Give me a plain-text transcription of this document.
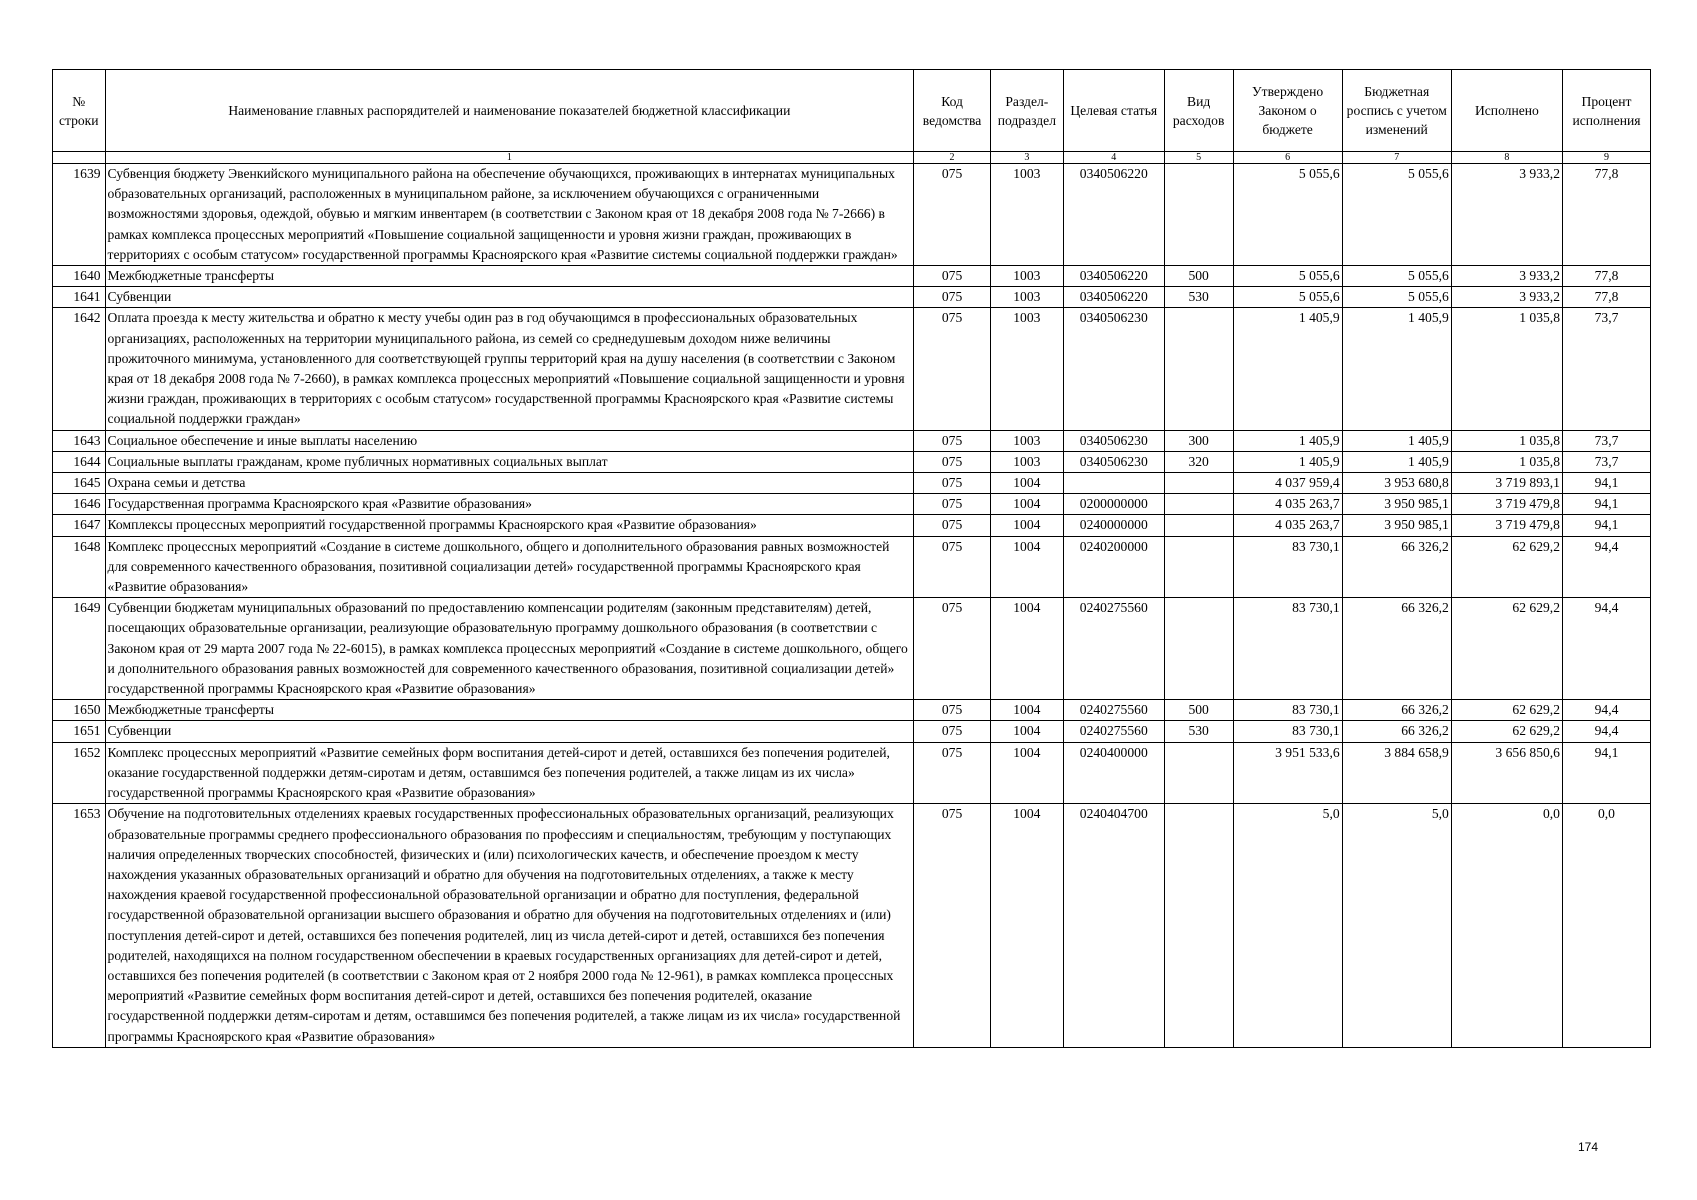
№ строки	Наименование главных распорядителей и наименование показателей бюджетной классификации	Код ведомства	Раздел-подраздел	Целевая статья	Вид расходов	Утверждено Законом о бюджете	Бюджетная роспись с учетом изменений	Исполнено	Процент исполнения
	1	2	3	4	5	6	7	8	9
1639	Субвенция бюджету Эвенкийского муниципального района на обеспечение обучающихся, проживающих в интернатах муниципальных образовательных организаций, расположенных в муниципальном районе, за исключением обучающихся с ограниченными возможностями здоровья, одеждой, обувью и мягким инвентарем (в соответствии с Законом края от 18 декабря 2008 года № 7-2666) в рамках комплекса процессных мероприятий «Повышение социальной защищенности и уровня жизни граждан, проживающих в территориях с особым статусом» государственной программы Красноярского края «Развитие системы социальной поддержки граждан»	075	1003	0340506220		5 055,6	5 055,6	3 933,2	77,8
1640	Межбюджетные трансферты	075	1003	0340506220	500	5 055,6	5 055,6	3 933,2	77,8
1641	Субвенции	075	1003	0340506220	530	5 055,6	5 055,6	3 933,2	77,8
1642	Оплата проезда к месту жительства и обратно к месту учебы один раз в год обучающимся в профессиональных образовательных организациях, расположенных на территории муниципального района, из семей со среднедушевым доходом ниже величины прожиточного минимума, установленного для соответствующей группы территорий края на душу населения (в соответствии с Законом края от 18 декабря 2008 года № 7-2660), в рамках комплекса процессных мероприятий «Повышение социальной защищенности и уровня жизни граждан, проживающих в территориях с особым статусом» государственной программы Красноярского края «Развитие системы социальной поддержки граждан»	075	1003	0340506230		1 405,9	1 405,9	1 035,8	73,7
1643	Социальное обеспечение и иные выплаты населению	075	1003	0340506230	300	1 405,9	1 405,9	1 035,8	73,7
1644	Социальные выплаты гражданам, кроме публичных нормативных социальных выплат	075	1003	0340506230	320	1 405,9	1 405,9	1 035,8	73,7
1645	Охрана семьи и детства	075	1004			4 037 959,4	3 953 680,8	3 719 893,1	94,1
1646	Государственная программа Красноярского края «Развитие образования»	075	1004	0200000000		4 035 263,7	3 950 985,1	3 719 479,8	94,1
1647	Комплексы процессных мероприятий государственной программы Красноярского края «Развитие образования»	075	1004	0240000000		4 035 263,7	3 950 985,1	3 719 479,8	94,1
1648	Комплекс процессных мероприятий «Создание в системе дошкольного, общего и дополнительного образования равных возможностей для современного качественного образования, позитивной социализации детей» государственной программы Красноярского края «Развитие образования»	075	1004	0240200000		83 730,1	66 326,2	62 629,2	94,4
1649	Субвенции бюджетам муниципальных образований по предоставлению компенсации родителям (законным представителям) детей, посещающих образовательные организации, реализующие образовательную программу дошкольного образования (в соответствии с Законом края от 29 марта 2007 года № 22-6015), в рамках комплекса процессных мероприятий «Создание в системе дошкольного, общего и дополнительного образования равных возможностей для современного качественного образования, позитивной социализации детей» государственной программы Красноярского края «Развитие образования»	075	1004	0240275560		83 730,1	66 326,2	62 629,2	94,4
1650	Межбюджетные трансферты	075	1004	0240275560	500	83 730,1	66 326,2	62 629,2	94,4
1651	Субвенции	075	1004	0240275560	530	83 730,1	66 326,2	62 629,2	94,4
1652	Комплекс процессных мероприятий «Развитие семейных форм воспитания детей-сирот и детей, оставшихся без попечения родителей, оказание государственной поддержки детям-сиротам и детям, оставшимся без попечения родителей, а также лицам из их числа» государственной программы Красноярского края «Развитие образования»	075	1004	0240400000		3 951 533,6	3 884 658,9	3 656 850,6	94,1
1653	Обучение на подготовительных отделениях краевых государственных профессиональных образовательных организаций, реализующих образовательные программы среднего профессионального образования по профессиям и специальностям, требующим у поступающих наличия определенных творческих способностей, физических и (или) психологических качеств, и обеспечение проездом к месту нахождения указанных образовательных организаций и обратно для обучения на подготовительных отделениях, а также к месту нахождения краевой государственной профессиональной образовательной организации и обратно для поступления, федеральной государственной образовательной организации высшего образования и обратно для обучения на подготовительных отделениях и (или) поступления детей-сирот и детей, оставшихся без попечения родителей, лиц из числа детей-сирот и детей, оставшихся без попечения родителей, находящихся на полном государственном обеспечении в краевых государственных организациях для детей-сирот и детей, оставшихся без попечения родителей (в соответствии с Законом края от 2 ноября 2000 года № 12-961), в рамках комплекса процессных мероприятий «Развитие семейных форм воспитания детей-сирот и детей, оставшихся без попечения родителей, оказание государственной поддержки детям-сиротам и детям, оставшимся без попечения родителей, а также лицам из их числа» государственной программы Красноярского края «Развитие образования»	075	1004	0240404700		5,0	5,0	0,0	0,0
174
